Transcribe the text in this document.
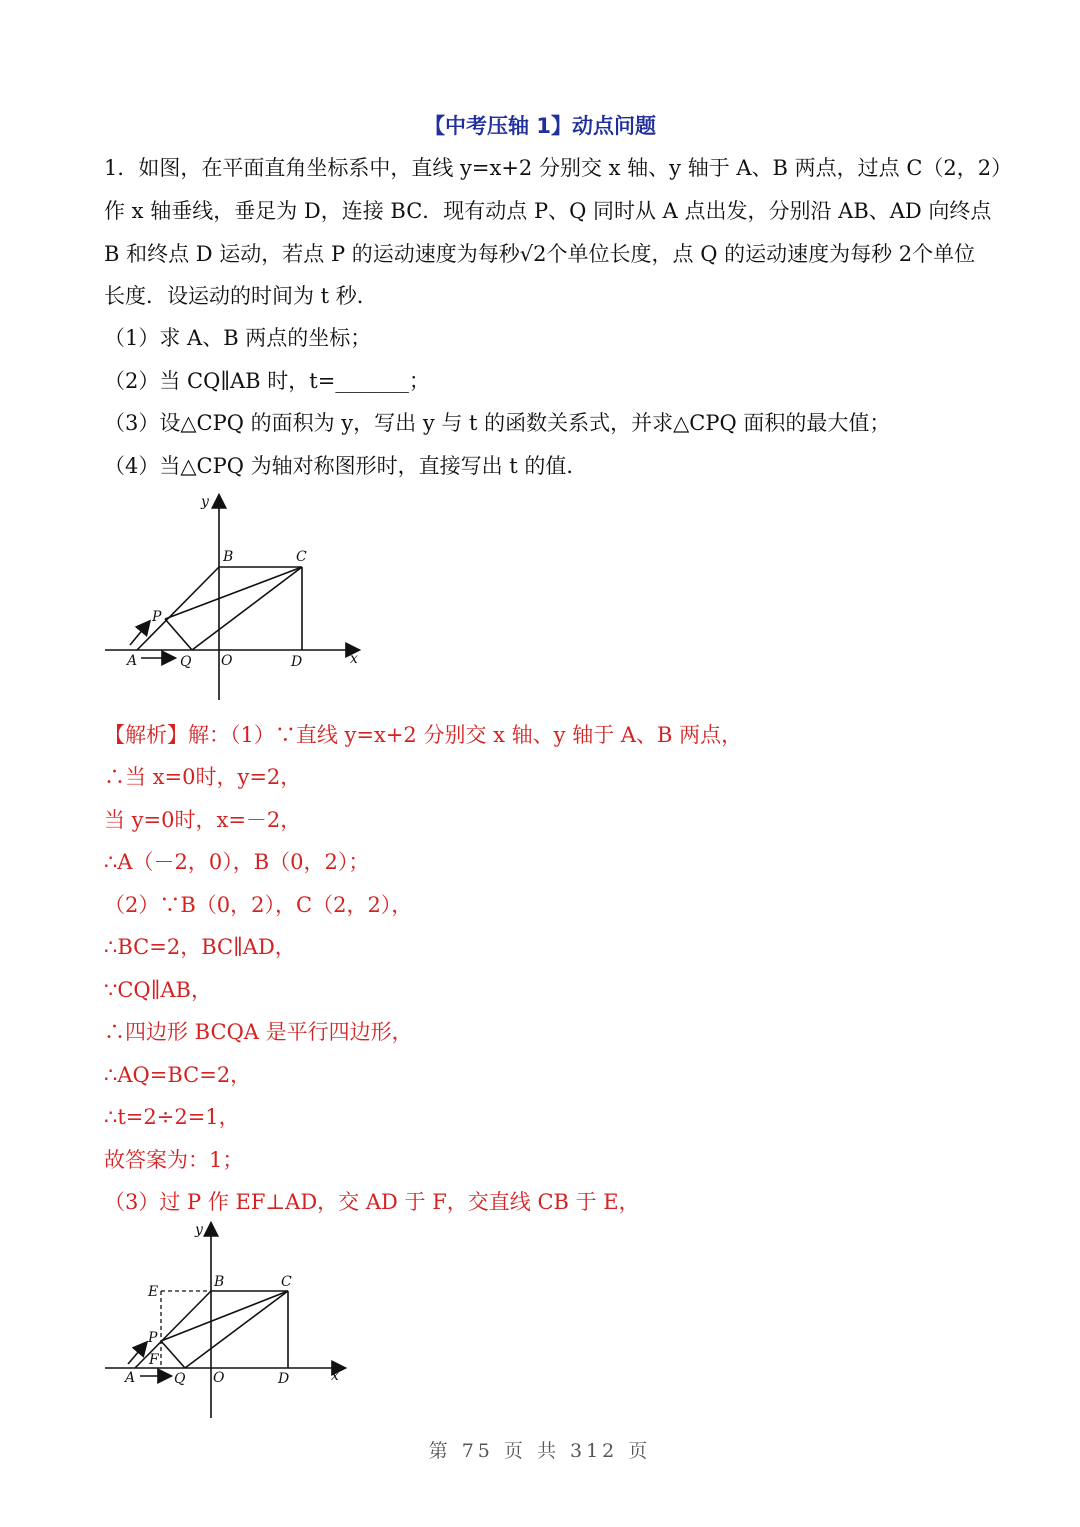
【中考压轴 1】动点问题
1．如图，在平面直角坐标系中，直线 y=x+2 分别交 x 轴、y 轴于 A、B 两点，过点 C（2，2）
作 x 轴垂线，垂足为 D，连接 BC．现有动点 P、Q 同时从 A 点出发，分别沿 AB、AD 向终点
B 和终点 D 运动，若点 P 的运动速度为每秒√2个单位长度，点 Q 的运动速度为每秒 2个单位
长度．设运动的时间为 t 秒．
（1）求 A、B 两点的坐标；
（2）当 CQ∥AB 时，t=_______；
（3）设△CPQ 的面积为 y，写出 y 与 t 的函数关系式，并求△CPQ 面积的最大值；
（4）当△CPQ 为轴对称图形时，直接写出 t 的值．
y
B	C
P
A	Q O	D	x
【解析】解：（1）∵直线 y=x+2 分别交 x 轴、y 轴于 A、B 两点，
∴当 x=0时，y=2，
当 y=0时，x=－2，
∴A（－2，0），B（0，2）；
（2）∵B（0，2），C（2，2），
∴BC=2，BC∥AD，
∵CQ∥AB，
∴四边形 BCQA 是平行四边形，
∴AQ=BC=2，
∴t=2÷2=1，
故答案为：1；
（3）过 P 作 EF⊥AD，交 AD 于 F，交直线 CB 于 E，
y
E
B	C
P
F
A	Q O	D	x
第 75 页 共 312 页
